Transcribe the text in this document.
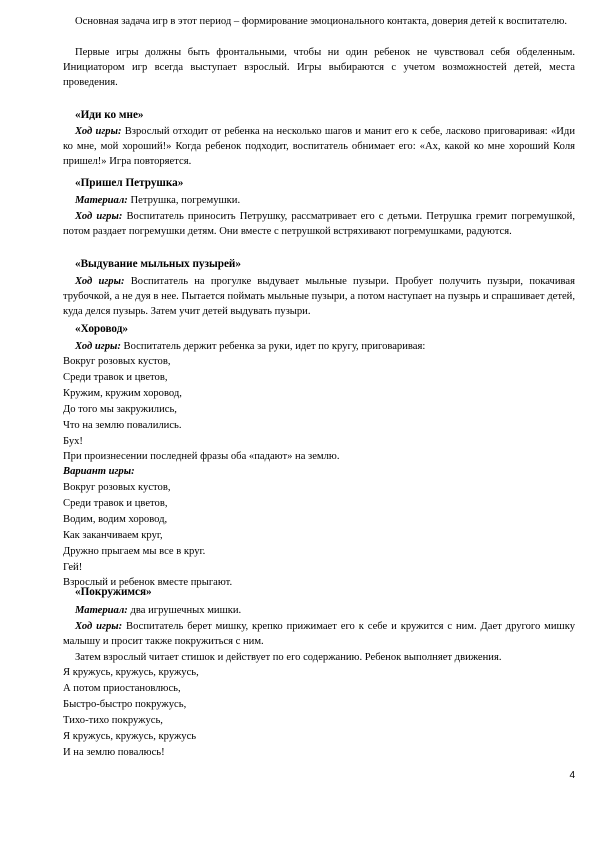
Основная задача игр в этот период – формирование эмоционального контакта, доверия детей к воспитателю.
Первые игры должны быть фронтальными, чтобы ни один ребенок не чувствовал себя обделенным. Инициатором игр всегда выступает взрослый. Игры выбираются с учетом возможностей детей, места проведения.
«Иди ко мне»
Ход игры: Взрослый отходит от ребенка на несколько шагов и манит его к себе, ласково приговаривая: «Иди ко мне, мой хороший!» Когда ребенок подходит, воспитатель обнимает его: «Ах, какой ко мне хороший Коля пришел!» Игра повторяется.
«Пришел Петрушка»
Материал: Петрушка, погремушки.
Ход игры: Воспитатель приносить Петрушку, рассматривает его с детьми. Петрушка гремит погремушкой, потом раздает погремушки детям. Они вместе с петрушкой встряхивают погремушками, радуются.
«Выдувание мыльных пузырей»
Ход игры: Воспитатель на прогулке выдувает мыльные пузыри. Пробует получить пузыри, покачивая трубочкой, а не дуя в нее. Пытается поймать мыльные пузыри, а потом наступает на пузырь и спрашивает детей, куда делся пузырь. Затем учит детей выдувать пузыри.
«Хоровод»
Ход игры: Воспитатель держит ребенка за руки, идет по кругу, приговаривая:
Вокруг розовых кустов,
Среди травок и цветов,
Кружим, кружим хоровод,
До того мы закружились,
Что на землю повалились.
Бух!
При произнесении последней фразы оба «падают» на землю.
Вариант игры:
Вокруг розовых кустов,
Среди травок и цветов,
Водим, водим хоровод,
Как заканчиваем круг,
Дружно прыгаем мы все в круг.
Гей!
Взрослый и ребенок вместе прыгают.
«Покружимся»
Материал: два игрушечных мишки.
Ход игры: Воспитатель берет мишку, крепко прижимает его к себе и кружится с ним. Дает другого мишку малышу и просит также покружиться с ним.
Затем взрослый читает стишок и действует по его содержанию. Ребенок выполняет движения.
Я кружусь, кружусь, кружусь,
А потом приостановлюсь,
Быстро-быстро покружусь,
Тихо-тихо покружусь,
Я кружусь, кружусь, кружусь
И на землю повалюсь!
4
